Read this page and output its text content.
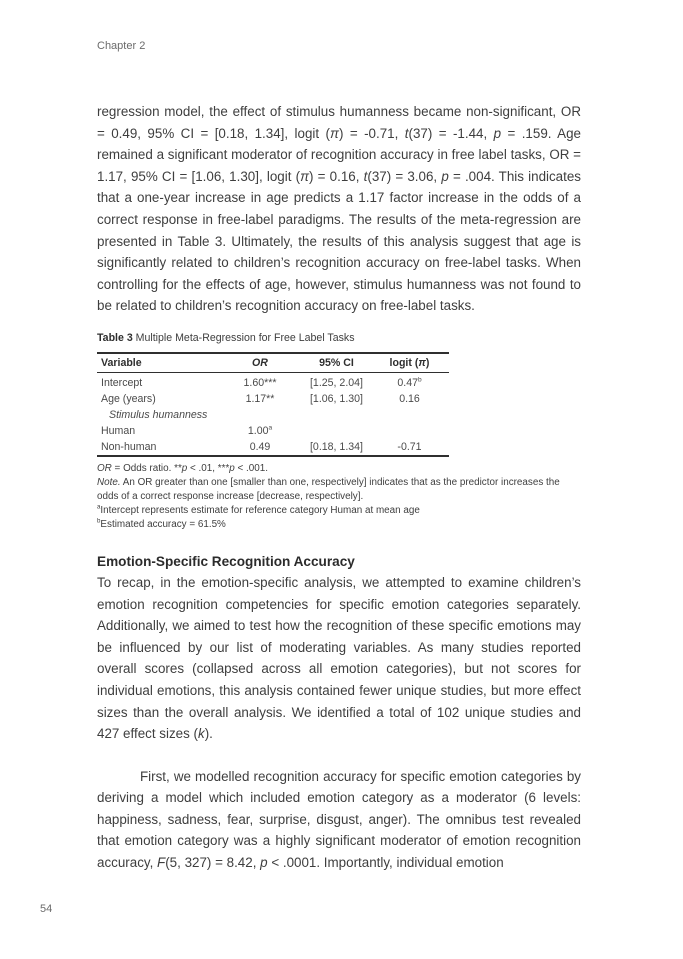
Chapter 2
regression model, the effect of stimulus humanness became non-significant, OR = 0.49, 95% CI = [0.18, 1.34], logit (π) = -0.71, t(37) = -1.44, p = .159. Age remained a significant moderator of recognition accuracy in free label tasks, OR = 1.17, 95% CI = [1.06, 1.30], logit (π) = 0.16, t(37) = 3.06, p = .004. This indicates that a one-year increase in age predicts a 1.17 factor increase in the odds of a correct response in free-label paradigms. The results of the meta-regression are presented in Table 3. Ultimately, the results of this analysis suggest that age is significantly related to children’s recognition accuracy on free-label tasks. When controlling for the effects of age, however, stimulus humanness was not found to be related to children’s recognition accuracy on free-label tasks.
Table 3 Multiple Meta-Regression for Free Label Tasks
Variable	OR	95% CI	logit (π)
Intercept	1.60***	[1.25, 2.04]	0.47$^b$
Age (years)	1.17**	[1.06, 1.30]	0.16
Stimulus humanness			
Human	1.00$^a$		
Non-human	0.49	[0.18, 1.34]	-0.71
OR = Odds ratio. **p < .01, ***p < .001.
Note. An OR greater than one [smaller than one, respectively] indicates that as the predictor increases the odds of a correct response increase [decrease, respectively].
$^a$Intercept represents estimate for reference category Human at mean age
$^b$Estimated accuracy = 61.5%
Emotion-Specific Recognition Accuracy
To recap, in the emotion-specific analysis, we attempted to examine children’s emotion recognition competencies for specific emotion categories separately. Additionally, we aimed to test how the recognition of these specific emotions may be influenced by our list of moderating variables. As many studies reported overall scores (collapsed across all emotion categories), but not scores for individual emotions, this analysis contained fewer unique studies, but more effect sizes than the overall analysis. We identified a total of 102 unique studies and 427 effect sizes (k).
First, we modelled recognition accuracy for specific emotion categories by deriving a model which included emotion category as a moderator (6 levels: happiness, sadness, fear, surprise, disgust, anger). The omnibus test revealed that emotion category was a highly significant moderator of emotion recognition accuracy, F(5, 327) = 8.42, p < .0001. Importantly, individual emotion
54
